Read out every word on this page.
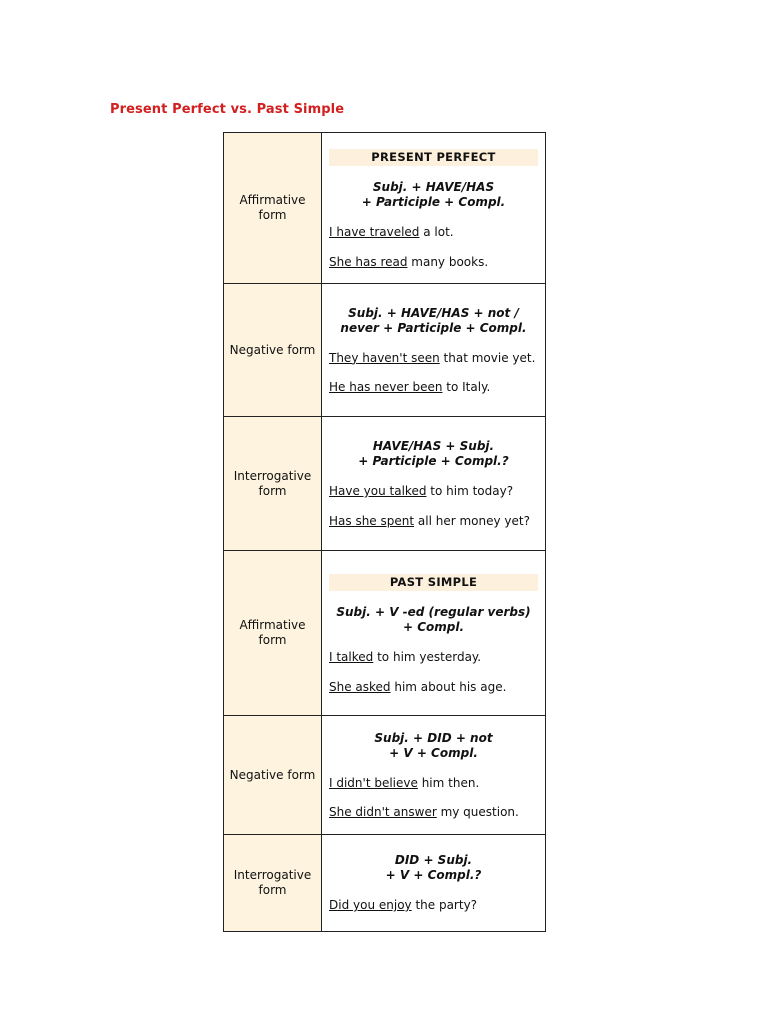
Present Perfect vs. Past Simple
Affirmative form	PRESENT PERFECT
Subj. + HAVE/HAS
+ Participle + Compl.
I have traveled a lot.
She has read many books.

Negative form	Subj. + HAVE/HAS + not /
never + Participle + Compl.
They haven't seen that movie yet.
He has never been to Italy.

Interrogative form	HAVE/HAS + Subj.
+ Participle + Compl.?
Have you talked to him today?
Has she spent all her money yet?

Affirmative form	PAST SIMPLE
Subj. + V -ed (regular verbs)
+ Compl.
I talked to him yesterday.
She asked him about his age.

Negative form	Subj. + DID + not
+ V + Compl.
I didn't believe him then.
She didn't answer my question.

Interrogative form	DID + Subj.
+ V + Compl.?
Did you enjoy the party?
